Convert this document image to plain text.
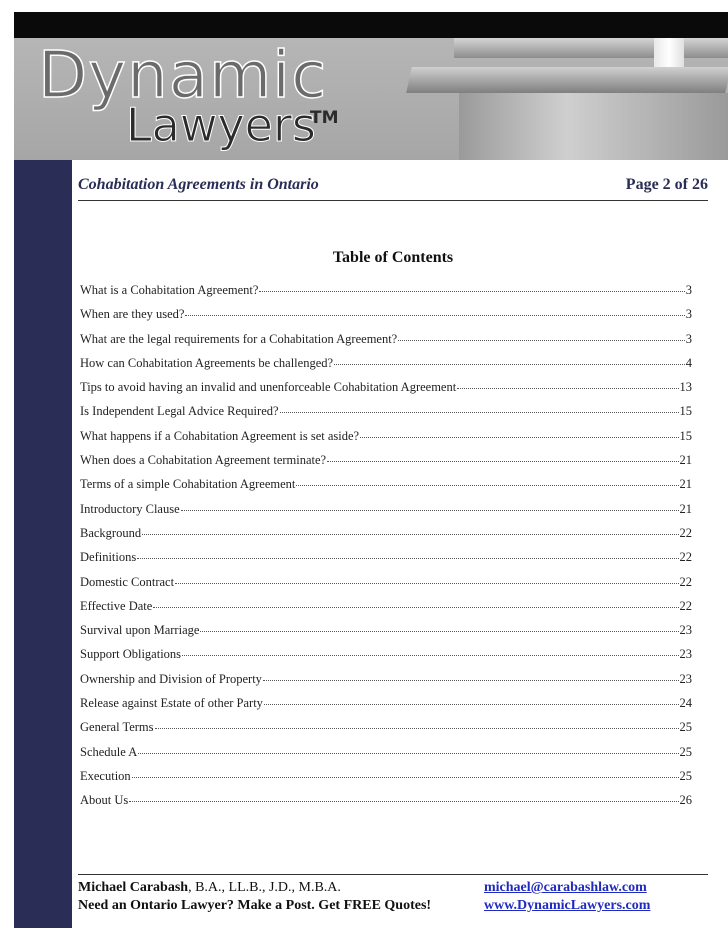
Dynamic
Lawyers
TM
Cohabitation Agreements in Ontario	Page 2 of 26
Table of Contents
What is a Cohabitation Agreement?	3
When are they used?	3
What are the legal requirements for a Cohabitation Agreement?	3
How can Cohabitation Agreements be challenged?	4
Tips to avoid having an invalid and unenforceable Cohabitation Agreement	13
Is Independent Legal Advice Required?	15
What happens if a Cohabitation Agreement is set aside?	15
When does a Cohabitation Agreement terminate?	21
Terms of a simple Cohabitation Agreement	21
Introductory Clause	21
Background	22
Definitions	22
Domestic Contract	22
Effective Date	22
Survival upon Marriage	23
Support Obligations	23
Ownership and Division of Property	23
Release against Estate of other Party	24
General Terms	25
Schedule A	25
Execution	25
About Us	26
Michael Carabash, B.A., LL.B., J.D., M.B.A.
Need an Ontario Lawyer? Make a Post. Get FREE Quotes!
michael@carabashlaw.com
www.DynamicLawyers.com
